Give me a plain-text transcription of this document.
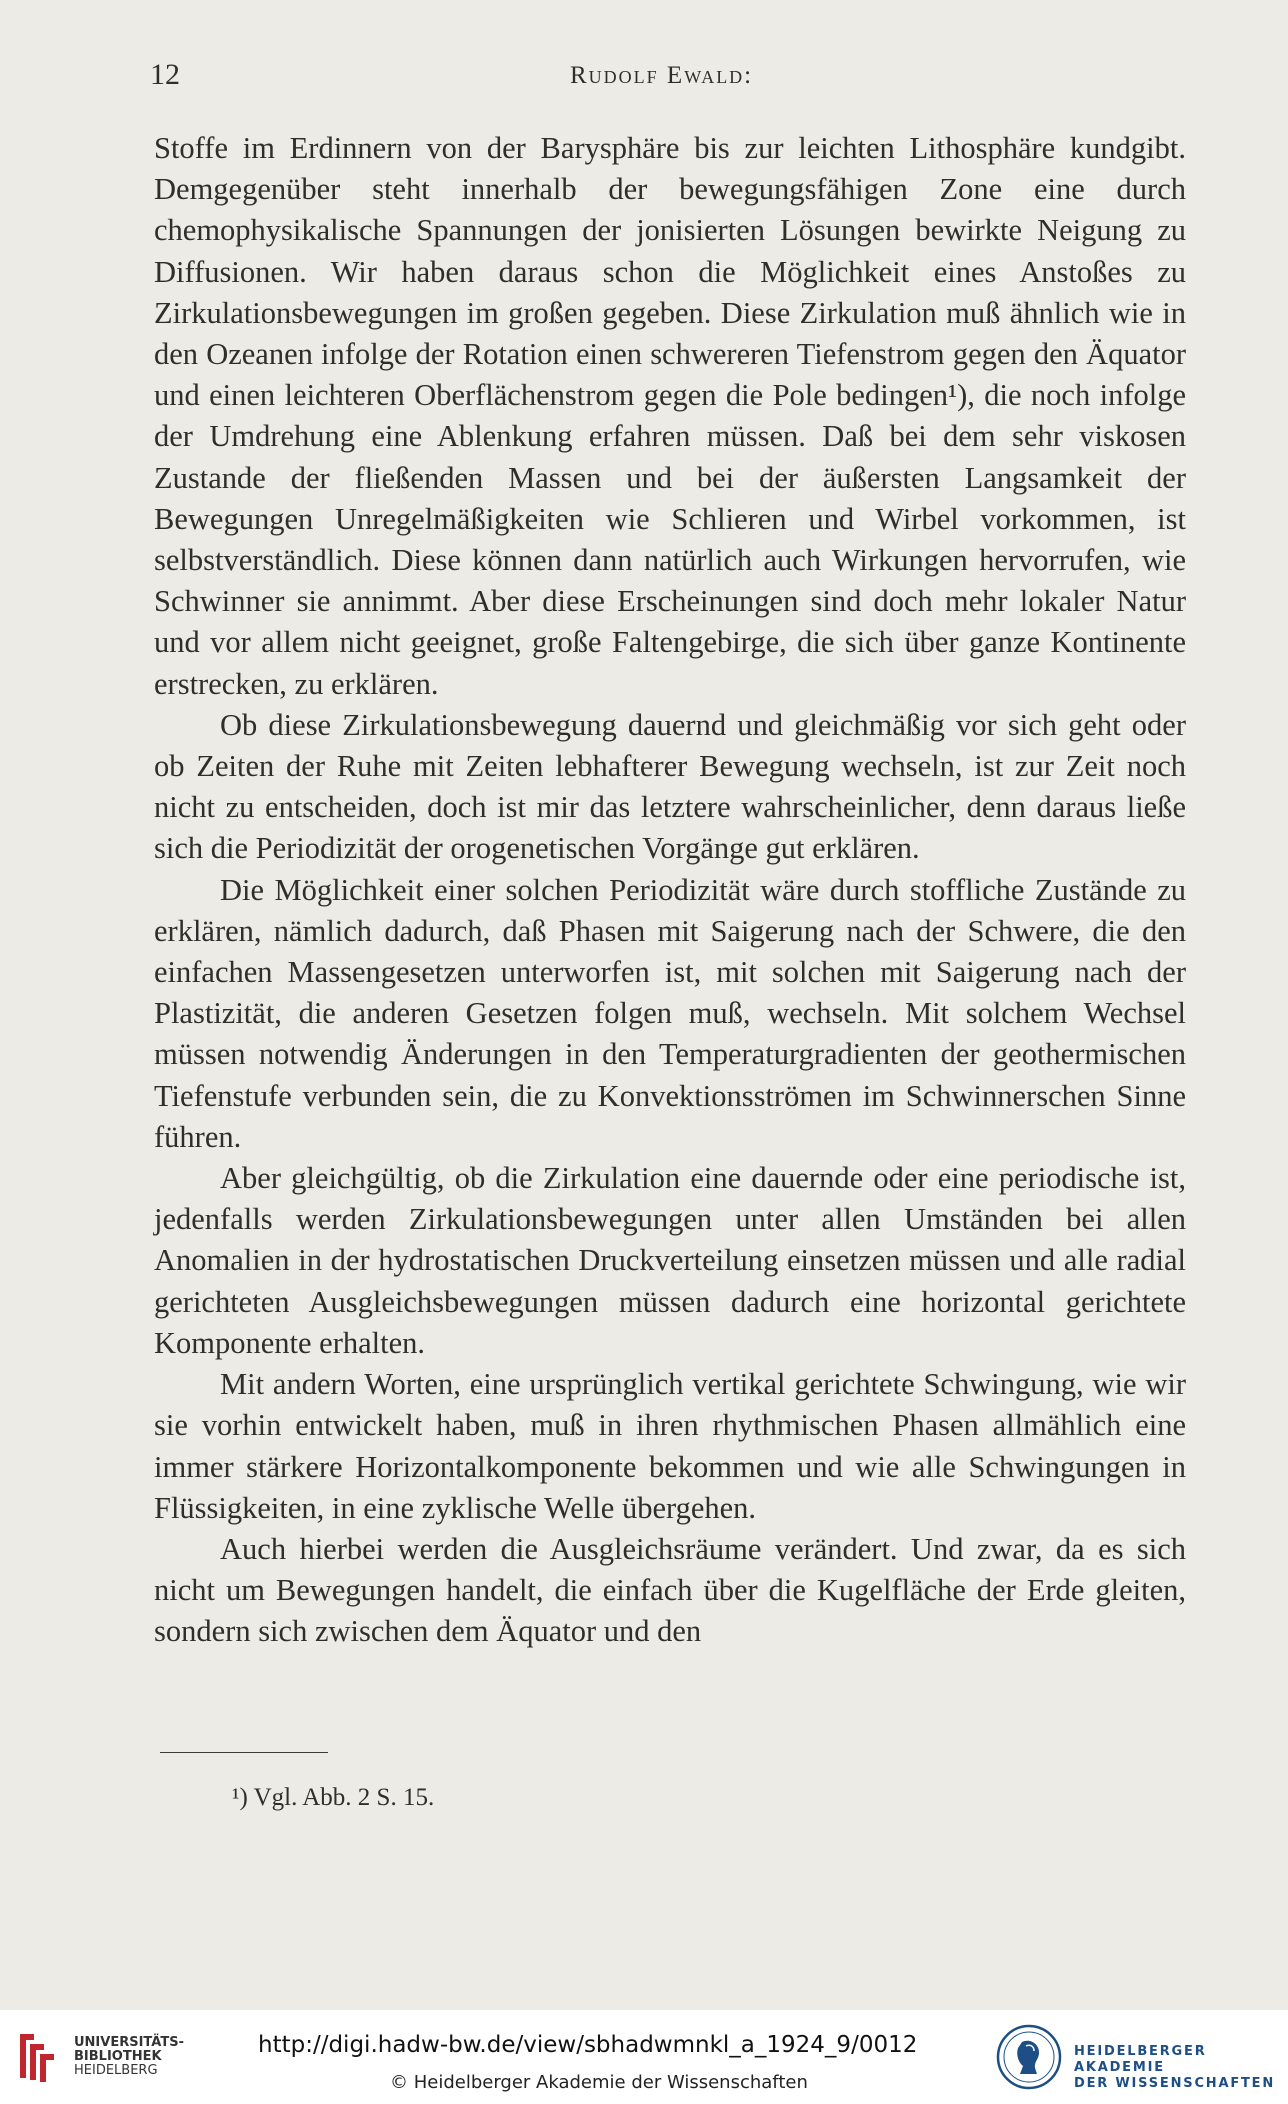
12	Rudolf Ewald:

Stoffe im Erdinnern von der Barysphäre bis zur leichten Lithosphäre kundgibt. Demgegenüber steht innerhalb der bewegungsfähigen Zone eine durch chemophysikalische Spannungen der jonisierten Lösungen bewirkte Neigung zu Diffusionen. Wir haben daraus schon die Möglichkeit eines Anstoßes zu Zirkulationsbewegungen im großen gegeben. Diese Zirkulation muß ähnlich wie in den Ozeanen infolge der Rotation einen schwereren Tiefenstrom gegen den Äquator und einen leichteren Oberflächenstrom gegen die Pole bedingen¹), die noch infolge der Umdrehung eine Ablenkung erfahren müssen. Daß bei dem sehr viskosen Zustande der fließenden Massen und bei der äußersten Langsamkeit der Bewegungen Unregelmäßigkeiten wie Schlieren und Wirbel vorkommen, ist selbstverständlich. Diese können dann natürlich auch Wirkungen hervorrufen, wie Schwinner sie annimmt. Aber diese Erscheinungen sind doch mehr lokaler Natur und vor allem nicht geeignet, große Faltengebirge, die sich über ganze Kontinente erstrecken, zu erklären.

Ob diese Zirkulationsbewegung dauernd und gleichmäßig vor sich geht oder ob Zeiten der Ruhe mit Zeiten lebhafterer Bewegung wechseln, ist zur Zeit noch nicht zu entscheiden, doch ist mir das letztere wahrscheinlicher, denn daraus ließe sich die Periodizität der orogenetischen Vorgänge gut erklären.

Die Möglichkeit einer solchen Periodizität wäre durch stoffliche Zustände zu erklären, nämlich dadurch, daß Phasen mit Saigerung nach der Schwere, die den einfachen Massengesetzen unterworfen ist, mit solchen mit Saigerung nach der Plastizität, die anderen Gesetzen folgen muß, wechseln. Mit solchem Wechsel müssen notwendig Änderungen in den Temperaturgradienten der geothermischen Tiefenstufe verbunden sein, die zu Konvektionsströmen im Schwinnerschen Sinne führen.

Aber gleichgültig, ob die Zirkulation eine dauernde oder eine periodische ist, jedenfalls werden Zirkulationsbewegungen unter allen Umständen bei allen Anomalien in der hydrostatischen Druckverteilung einsetzen müssen und alle radial gerichteten Ausgleichsbewegungen müssen dadurch eine horizontal gerichtete Komponente erhalten.

Mit andern Worten, eine ursprünglich vertikal gerichtete Schwingung, wie wir sie vorhin entwickelt haben, muß in ihren rhythmischen Phasen allmählich eine immer stärkere Horizontalkomponente bekommen und wie alle Schwingungen in Flüssigkeiten, in eine zyklische Welle übergehen.

Auch hierbei werden die Ausgleichsräume verändert. Und zwar, da es sich nicht um Bewegungen handelt, die einfach über die Kugelfläche der Erde gleiten, sondern sich zwischen dem Äquator und den

¹) Vgl. Abb. 2 S. 15.
UNIVERSITÄTS-
BIBLIOTHEK
HEIDELBERG
http://digi.hadw-bw.de/view/sbhadwmnkl_a_1924_9/0012
© Heidelberger Akademie der Wissenschaften
HEIDELBERGER AKADEMIE
DER WISSENSCHAFTEN
